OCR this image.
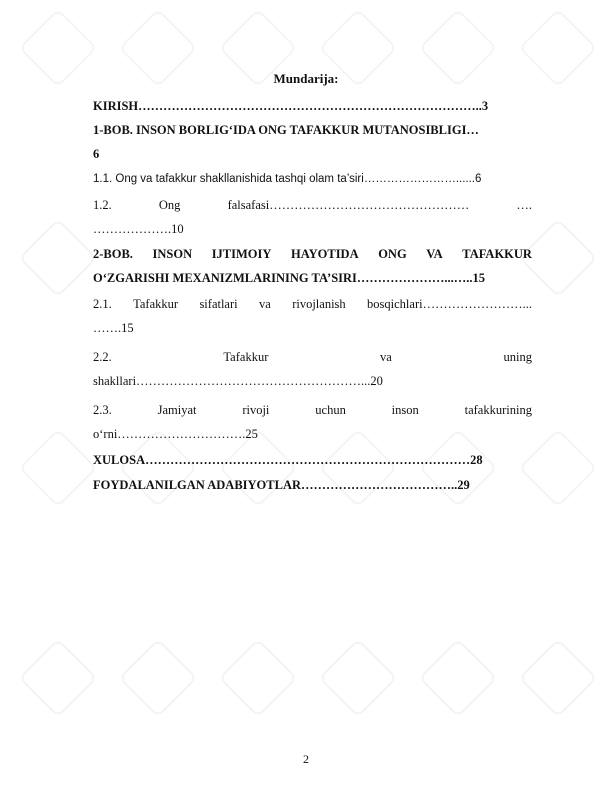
Mundarija:
KIRISH………………………………………………………………………..3
1-BOB. INSON BORLIG‘IDA ONG TAFAKKUR MUTANOSIBLIGI…
6
1.1. Ong va tafakkur shakllanishida tashqi olam ta’siri……………………......6
1.2.	Ong	falsafasi…………………………………………	….
……………….10
2-BOB. INSON IJTIMOIY HAYOTIDA ONG VA TAFAKKUR
O‘ZGARISHI MEXANIZMLARINING TA’SIRI…………………...…..15
2.1. Tafakkur sifatlari va rivojlanish bosqichlari……………………...
…….15
2.2.	Tafakkur	va	uning
shakllari………………………………………………...20
2.3.	Jamiyat	rivoji	uchun	inson	tafakkurining
o‘rni………………………….25
XULOSA……………………………………………………………………28
FOYDALANILGAN ADABIYOTLAR………………………………..29
2
